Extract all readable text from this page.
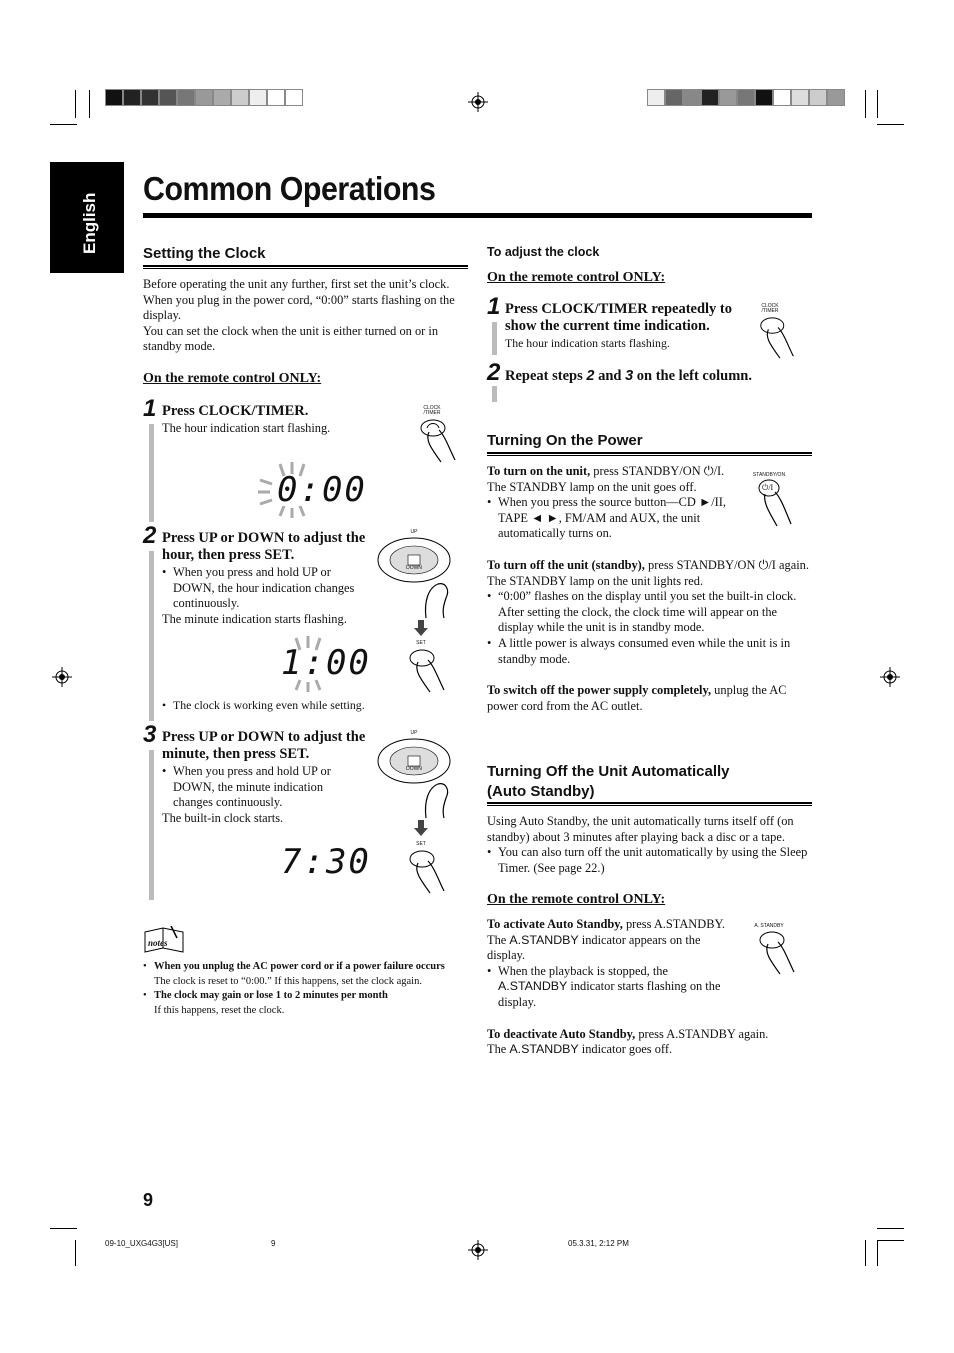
English
Common Operations
Setting the Clock
Before operating the unit any further, first set the unit’s clock. When you plug in the power cord, “0:00” starts flashing on the display.
You can set the clock when the unit is either turned on or in standby mode.
On the remote control ONLY:
1 Press CLOCK/TIMER.
The hour indication start flashing.
0:00
CLOCK
/TIMER
2 Press UP or DOWN to adjust the hour, then press SET.
• When you press and hold UP or DOWN, the hour indication changes continuously.
The minute indication starts flashing.
1:00
• The clock is working even while setting.
UP
DOWN
SET
3 Press UP or DOWN to adjust the minute, then press SET.
• When you press and hold UP or DOWN, the minute indication changes continuously.
The built-in clock starts.
7:30
UP
DOWN
SET
notes
• When you unplug the AC power cord or if a power failure occurs
The clock is reset to “0:00.” If this happens, set the clock again.
• The clock may gain or lose 1 to 2 minutes per month
If this happens, reset the clock.
To adjust the clock
On the remote control ONLY:
1 Press CLOCK/TIMER repeatedly to show the current time indication.
The hour indication starts flashing.
CLOCK
/TIMER
2 Repeat steps 2 and 3 on the left column.
Turning On the Power
To turn on the unit, press STANDBY/ON ⏻/I.
The STANDBY lamp on the unit goes off.
• When you press the source button—CD ►/II, TAPE ◄ ►, FM/AM and AUX, the unit automatically turns on.
To turn off the unit (standby), press STANDBY/ON ⏻/I again.
The STANDBY lamp on the unit lights red.
• “0:00” flashes on the display until you set the built-in clock. After setting the clock, the clock time will appear on the display while the unit is in standby mode.
• A little power is always consumed even while the unit is in standby mode.
To switch off the power supply completely, unplug the AC power cord from the AC outlet.
STANDBY/ON
⏻/I
Turning Off the Unit Automatically
(Auto Standby)
Using Auto Standby, the unit automatically turns itself off (on standby) about 3 minutes after playing back a disc or a tape.
• You can also turn off the unit automatically by using the Sleep Timer. (See page 22.)
On the remote control ONLY:
To activate Auto Standby, press A.STANDBY.
The A.STANDBY indicator appears on the display.
• When the playback is stopped, the A.STANDBY indicator starts flashing on the display.
To deactivate Auto Standby, press A.STANDBY again.
The A.STANDBY indicator goes off.
A. STANDBY
9
09-10_UXG4G3[US]	9	05.3.31, 2:12 PM
